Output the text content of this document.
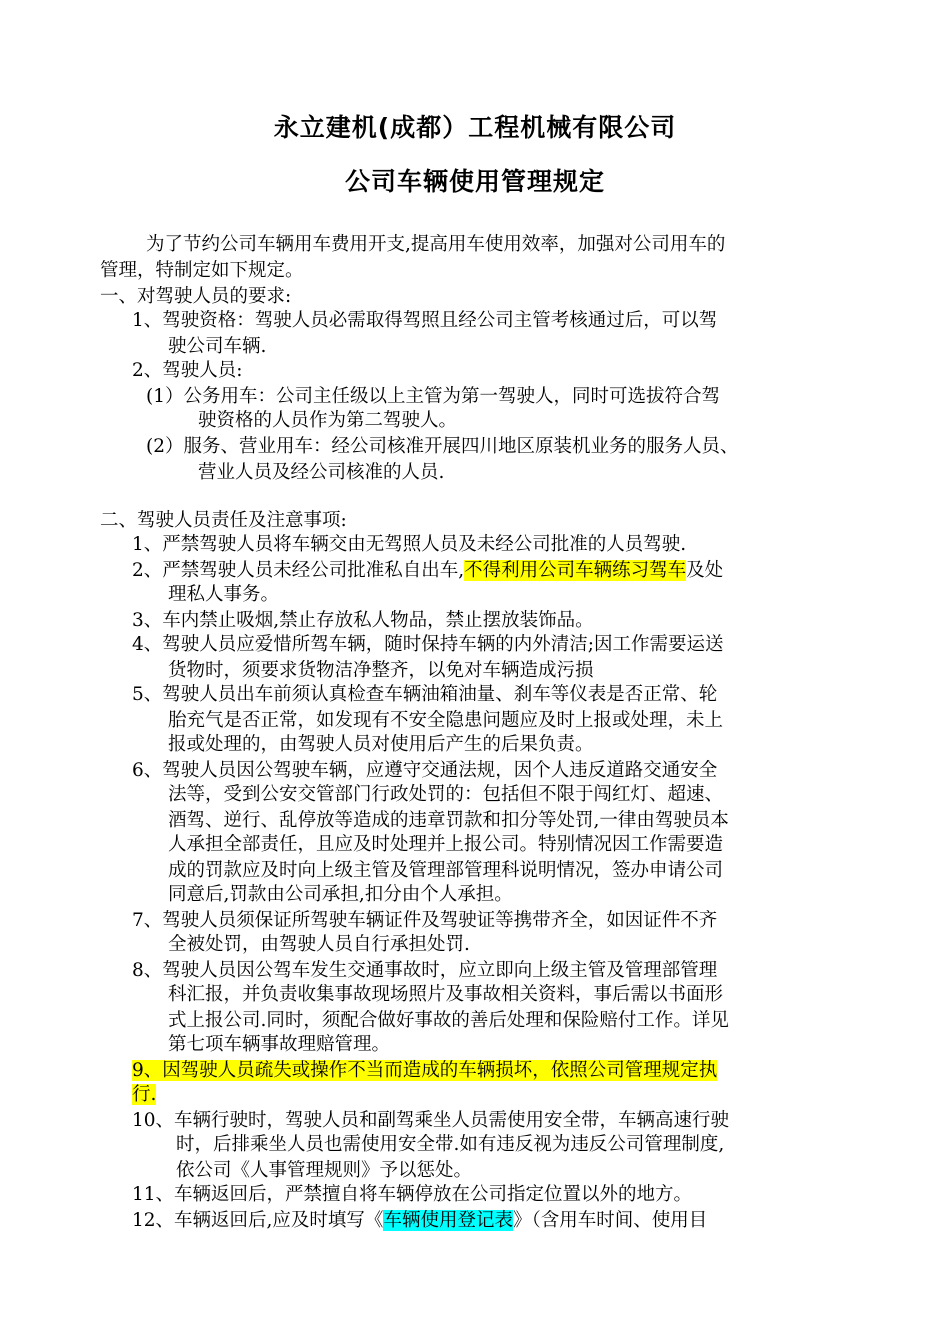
永立建机(成都）工程机械有限公司
公司车辆使用管理规定
为了节约公司车辆用车费用开支,提高用车使用效率，加强对公司用车的
管理，特制定如下规定。
一、对驾驶人员的要求:
1、驾驶资格：驾驶人员必需取得驾照且经公司主管考核通过后，可以驾
驶公司车辆.
2、驾驶人员:
(1）公务用车：公司主任级以上主管为第一驾驶人，同时可选拔符合驾
驶资格的人员作为第二驾驶人。
(2）服务、营业用车：经公司核准开展四川地区原装机业务的服务人员、
营业人员及经公司核准的人员.
二、驾驶人员责任及注意事项:
1、严禁驾驶人员将车辆交由无驾照人员及未经公司批准的人员驾驶.
2、严禁驾驶人员未经公司批准私自出车,不得利用公司车辆练习驾车及处
理私人事务。
3、车内禁止吸烟,禁止存放私人物品，禁止摆放装饰品。
4、驾驶人员应爱惜所驾车辆，随时保持车辆的内外清洁;因工作需要运送
货物时，须要求货物洁净整齐，以免对车辆造成污损
5、驾驶人员出车前须认真检查车辆油箱油量、刹车等仪表是否正常、轮
胎充气是否正常，如发现有不安全隐患问题应及时上报或处理，未上
报或处理的，由驾驶人员对使用后产生的后果负责。
6、驾驶人员因公驾驶车辆，应遵守交通法规，因个人违反道路交通安全
法等，受到公安交管部门行政处罚的：包括但不限于闯红灯、超速、
酒驾、逆行、乱停放等造成的违章罚款和扣分等处罚,一律由驾驶员本
人承担全部责任，且应及时处理并上报公司。特别情况因工作需要造
成的罚款应及时向上级主管及管理部管理科说明情况，签办申请公司
同意后,罚款由公司承担,扣分由个人承担。
7、驾驶人员须保证所驾驶车辆证件及驾驶证等携带齐全，如因证件不齐
全被处罚，由驾驶人员自行承担处罚.
8、驾驶人员因公驾车发生交通事故时，应立即向上级主管及管理部管理
科汇报，并负责收集事故现场照片及事故相关资料，事后需以书面形
式上报公司.同时，须配合做好事故的善后处理和保险赔付工作。详见
第七项车辆事故理赔管理。
9、因驾驶人员疏失或操作不当而造成的车辆损坏，依照公司管理规定执
行.
10、车辆行驶时，驾驶人员和副驾乘坐人员需使用安全带，车辆高速行驶
时，后排乘坐人员也需使用安全带.如有违反视为违反公司管理制度,
依公司《人事管理规则》予以惩处。
11、车辆返回后，严禁擅自将车辆停放在公司指定位置以外的地方。
12、车辆返回后,应及时填写《车辆使用登记表》（含用车时间、使用目
